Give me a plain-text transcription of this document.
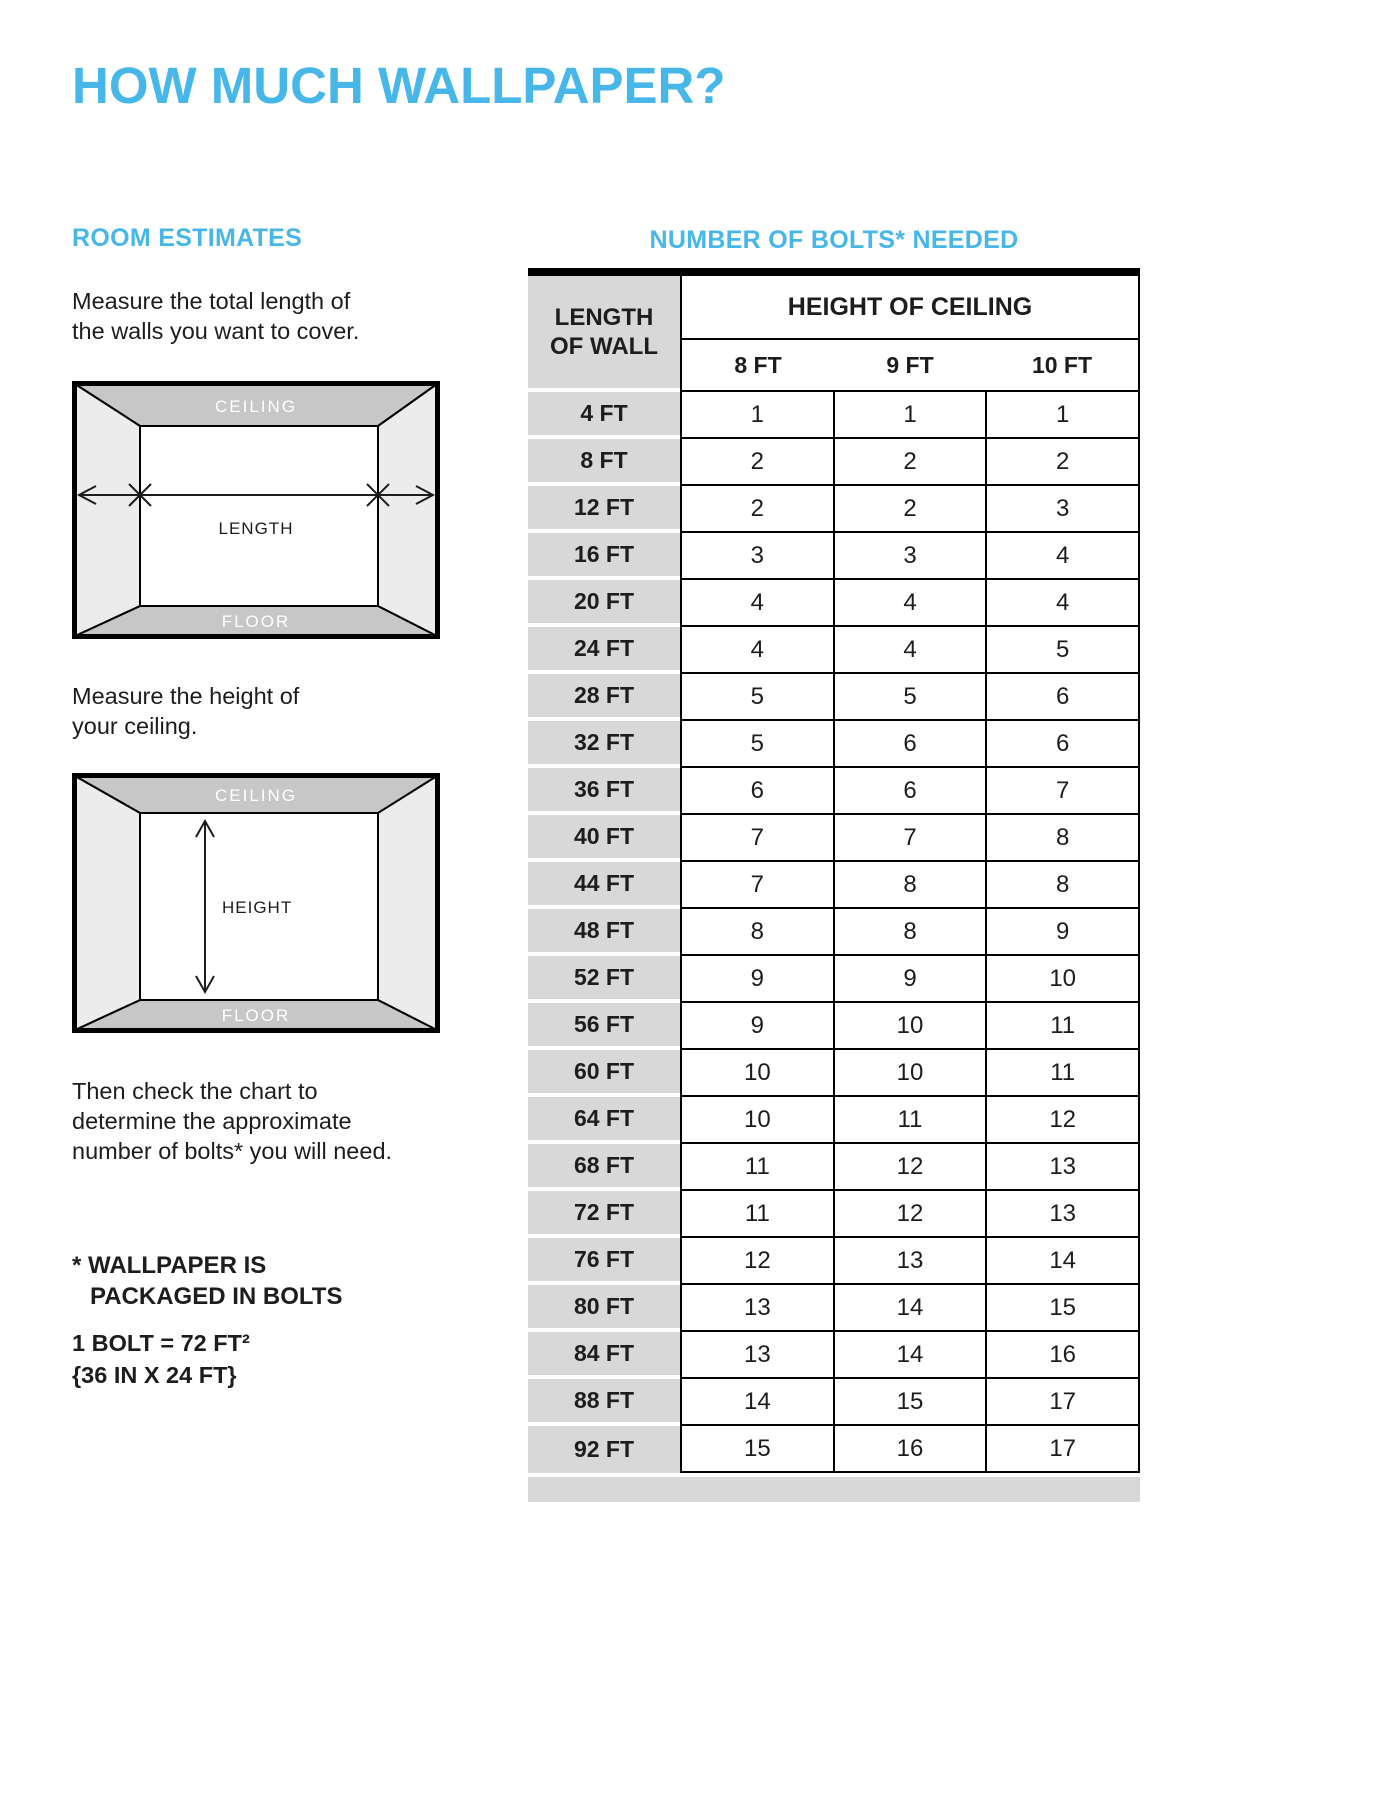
HOW MUCH WALLPAPER?
ROOM ESTIMATES

Measure the total length of
the walls you want to cover.

CEILING
LENGTH
FLOOR

Measure the height of
your ceiling.

CEILING
HEIGHT
FLOOR

Then check the chart to
determine the approximate
number of bolts* you will need.

* WALLPAPER IS
PACKAGED IN BOLTS
1 BOLT = 72 FT²
{36 IN X 24 FT}
NUMBER OF BOLTS* NEEDED
LENGTH
OF WALL
HEIGHT OF CEILING
8 FT	9 FT	10 FT
4 FT	1	1	1
8 FT	2	2	2
12 FT	2	2	3
16 FT	3	3	4
20 FT	4	4	4
24 FT	4	4	5
28 FT	5	5	6
32 FT	5	6	6
36 FT	6	6	7
40 FT	7	7	8
44 FT	7	8	8
48 FT	8	8	9
52 FT	9	9	10
56 FT	9	10	11
60 FT	10	10	11
64 FT	10	11	12
68 FT	11	12	13
72 FT	11	12	13
76 FT	12	13	14
80 FT	13	14	15
84 FT	13	14	16
88 FT	14	15	17
92 FT	15	16	17
